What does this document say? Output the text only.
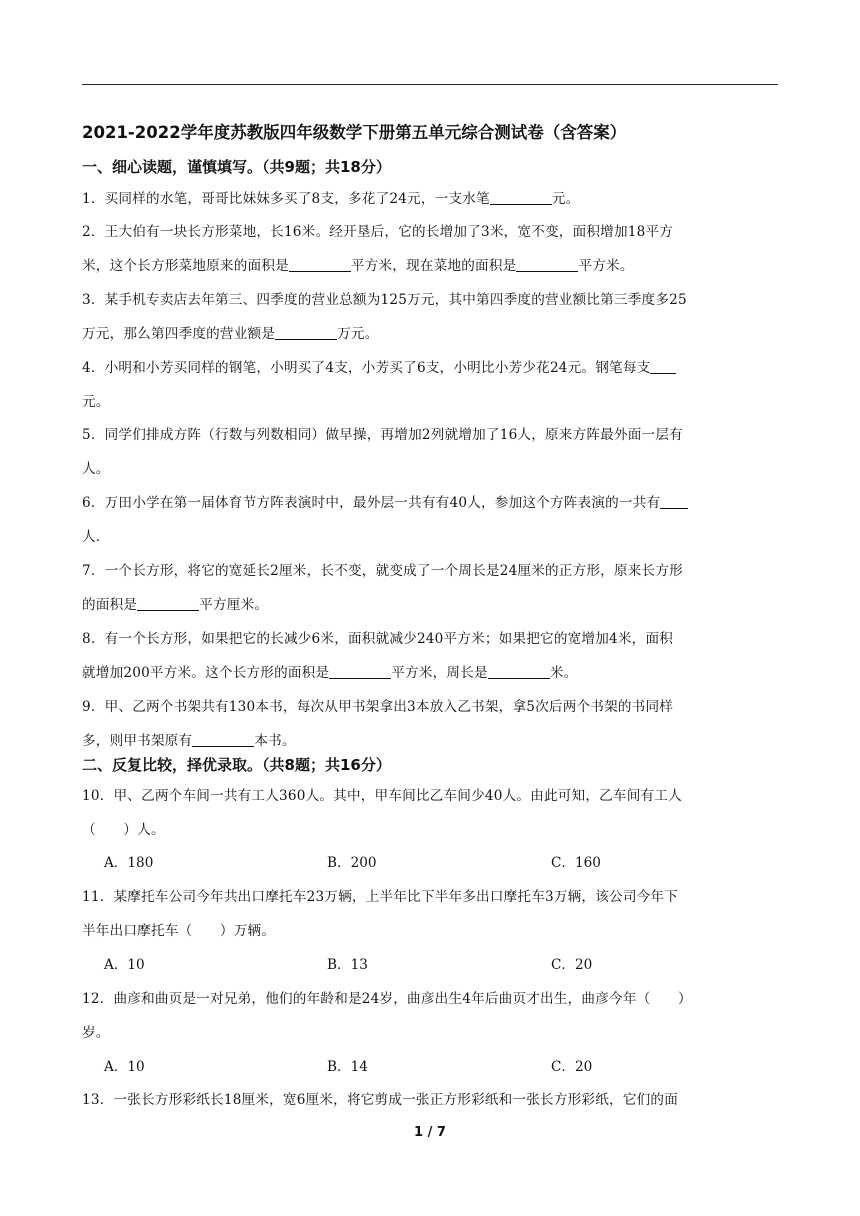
2021-2022学年度苏教版四年级数学下册第五单元综合测试卷（含答案）
一、细心读题，谨慎填写。（共9题；共18分）
1．买同样的水笔，哥哥比妹妹多买了8支，多花了24元，一支水笔	元。
2．王大伯有一块长方形菜地，长16米。经开垦后，它的长增加了3米，宽不变，面积增加18平方
米，这个长方形菜地原来的面积是	平方米，现在菜地的面积是	平方米。
3．某手机专卖店去年第三、四季度的营业总额为125万元，其中第四季度的营业额比第三季度多25
万元，那么第四季度的营业额是	万元。
4．小明和小芳买同样的钢笔，小明买了4支，小芳买了6支，小明比小芳少花24元。钢笔每支
元。
5．同学们排成方阵（行数与列数相同）做早操，再增加2列就增加了16人，原来方阵最外面一层有
人。
6．万田小学在第一届体育节方阵表演时中，最外层一共有有40人，参加这个方阵表演的一共有
人.
7．一个长方形，将它的宽延长2厘米，长不变，就变成了一个周长是24厘米的正方形，原来长方形
的面积是	平方厘米。
8．有一个长方形，如果把它的长减少6米，面积就减少240平方米；如果把它的宽增加4米，面积
就增加200平方米。这个长方形的面积是	平方米，周长是	米。
9．甲、乙两个书架共有130本书，每次从甲书架拿出3本放入乙书架，拿5次后两个书架的书同样
多，则甲书架原有	本书。
二、反复比较，择优录取。（共8题；共16分）
10．甲、乙两个车间一共有工人360人。其中，甲车间比乙车间少40人。由此可知，乙车间有工人
（　　）人。
A．180	B．200	C．160
11．某摩托车公司今年共出口摩托车23万辆，上半年比下半年多出口摩托车3万辆，该公司今年下
半年出口摩托车（　　）万辆。
A．10	B．13	C．20
12．曲彦和曲页是一对兄弟，他们的年龄和是24岁，曲彦出生4年后曲页才出生，曲彦今年（　　）
岁。
A．10	B．14	C．20
13．一张长方形彩纸长18厘米，宽6厘米，将它剪成一张正方形彩纸和一张长方形彩纸，它们的面
1 / 7
